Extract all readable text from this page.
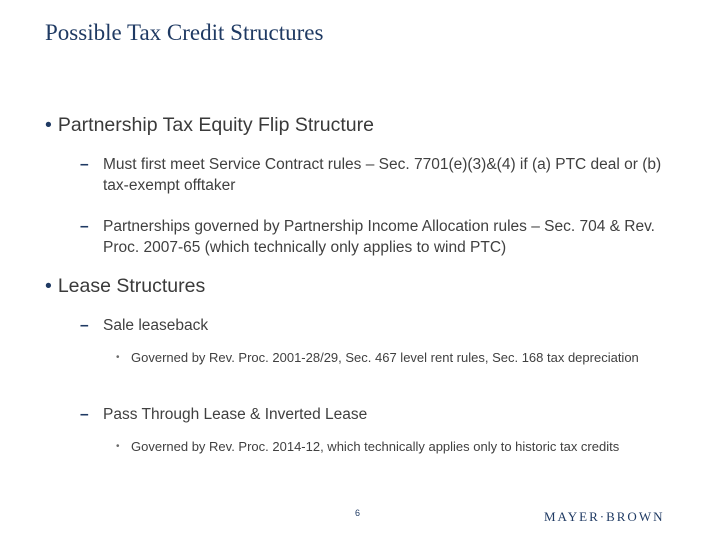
Possible Tax Credit Structures
• Partnership Tax Equity Flip Structure
– Must first meet Service Contract rules – Sec. 7701(e)(3)&(4) if (a) PTC deal or (b) tax-exempt offtaker
– Partnerships governed by Partnership Income Allocation rules – Sec. 704 & Rev. Proc. 2007-65 (which technically only applies to wind PTC)
• Lease Structures
– Sale leaseback
• Governed by Rev. Proc. 2001-28/29, Sec. 467 level rent rules, Sec. 168 tax depreciation
– Pass Through Lease & Inverted Lease
• Governed by Rev. Proc. 2014-12, which technically applies only to historic tax credits
6	MAYER·BROWN
